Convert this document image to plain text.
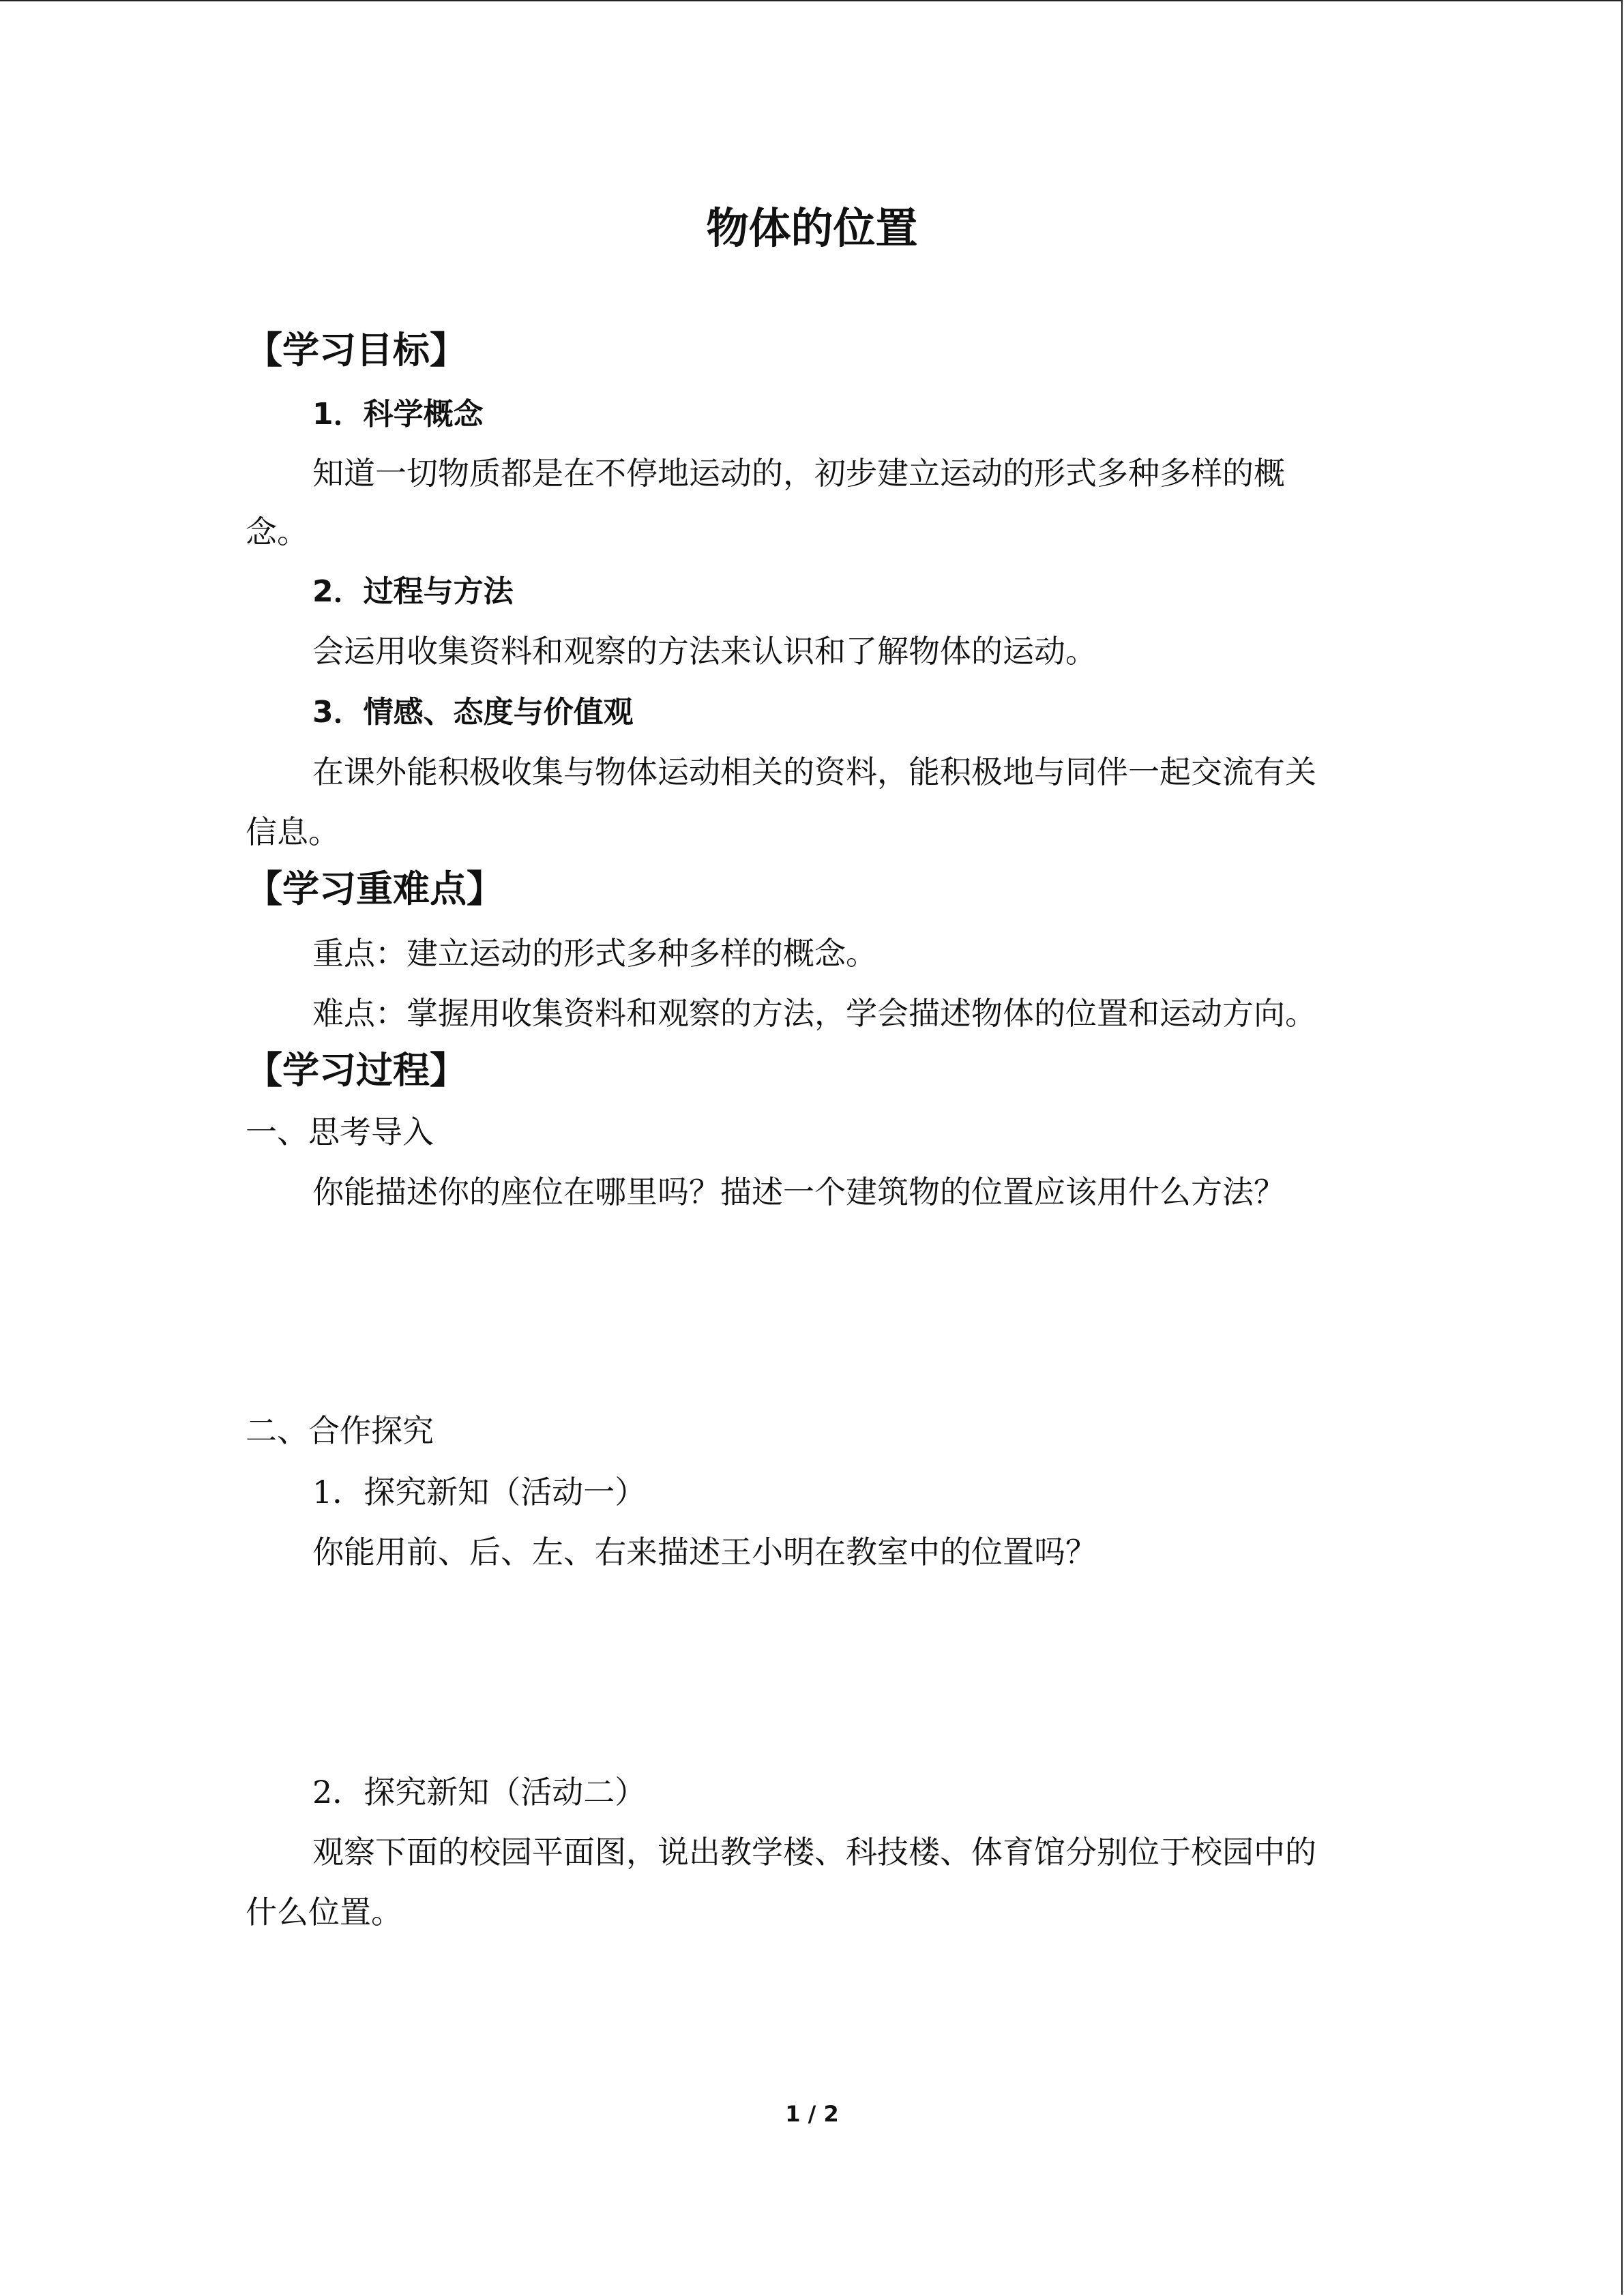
物体的位置
【学习目标】
1．科学概念
知道一切物质都是在不停地运动的，初步建立运动的形式多种多样的概
念。
2．过程与方法
会运用收集资料和观察的方法来认识和了解物体的运动。
3．情感、态度与价值观
在课外能积极收集与物体运动相关的资料，能积极地与同伴一起交流有关
信息。
【学习重难点】
重点：建立运动的形式多种多样的概念。
难点：掌握用收集资料和观察的方法，学会描述物体的位置和运动方向。
【学习过程】
一、思考导入
你能描述你的座位在哪里吗？描述一个建筑物的位置应该用什么方法？
二、合作探究
1．探究新知（活动一）
你能用前、后、左、右来描述王小明在教室中的位置吗？
2．探究新知（活动二）
观察下面的校园平面图，说出教学楼、科技楼、体育馆分别位于校园中的
什么位置。
1 / 2
